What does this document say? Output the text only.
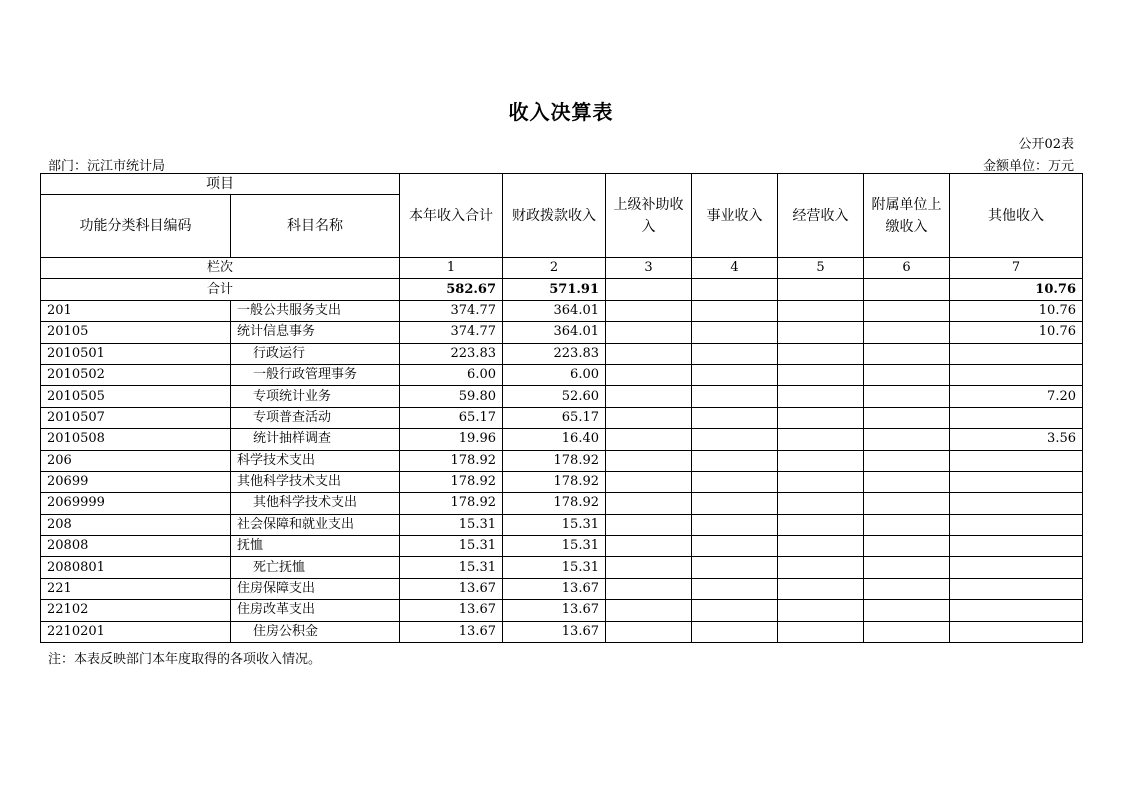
收入决算表
公开02表
部门：沅江市统计局	金额单位：万元
项目		本年收入合计	财政拨款收入	上级补助收入	事业收入	经营收入	附属单位上缴收入	其他收入
功能分类科目编码	科目名称							
栏次		1	2	3	4	5	6	7
合计		582.67	571.91					10.76
201	一般公共服务支出	374.77	364.01					10.76
20105	统计信息事务	374.77	364.01					10.76
2010501	行政运行	223.83	223.83					
2010502	一般行政管理事务	6.00	6.00					
2010505	专项统计业务	59.80	52.60					7.20
2010507	专项普查活动	65.17	65.17					
2010508	统计抽样调查	19.96	16.40					3.56
206	科学技术支出	178.92	178.92					
20699	其他科学技术支出	178.92	178.92					
2069999	其他科学技术支出	178.92	178.92					
208	社会保障和就业支出	15.31	15.31					
20808	抚恤	15.31	15.31					
2080801	死亡抚恤	15.31	15.31					
221	住房保障支出	13.67	13.67					
22102	住房改革支出	13.67	13.67					
2210201	住房公积金	13.67	13.67					
注：本表反映部门本年度取得的各项收入情况。
